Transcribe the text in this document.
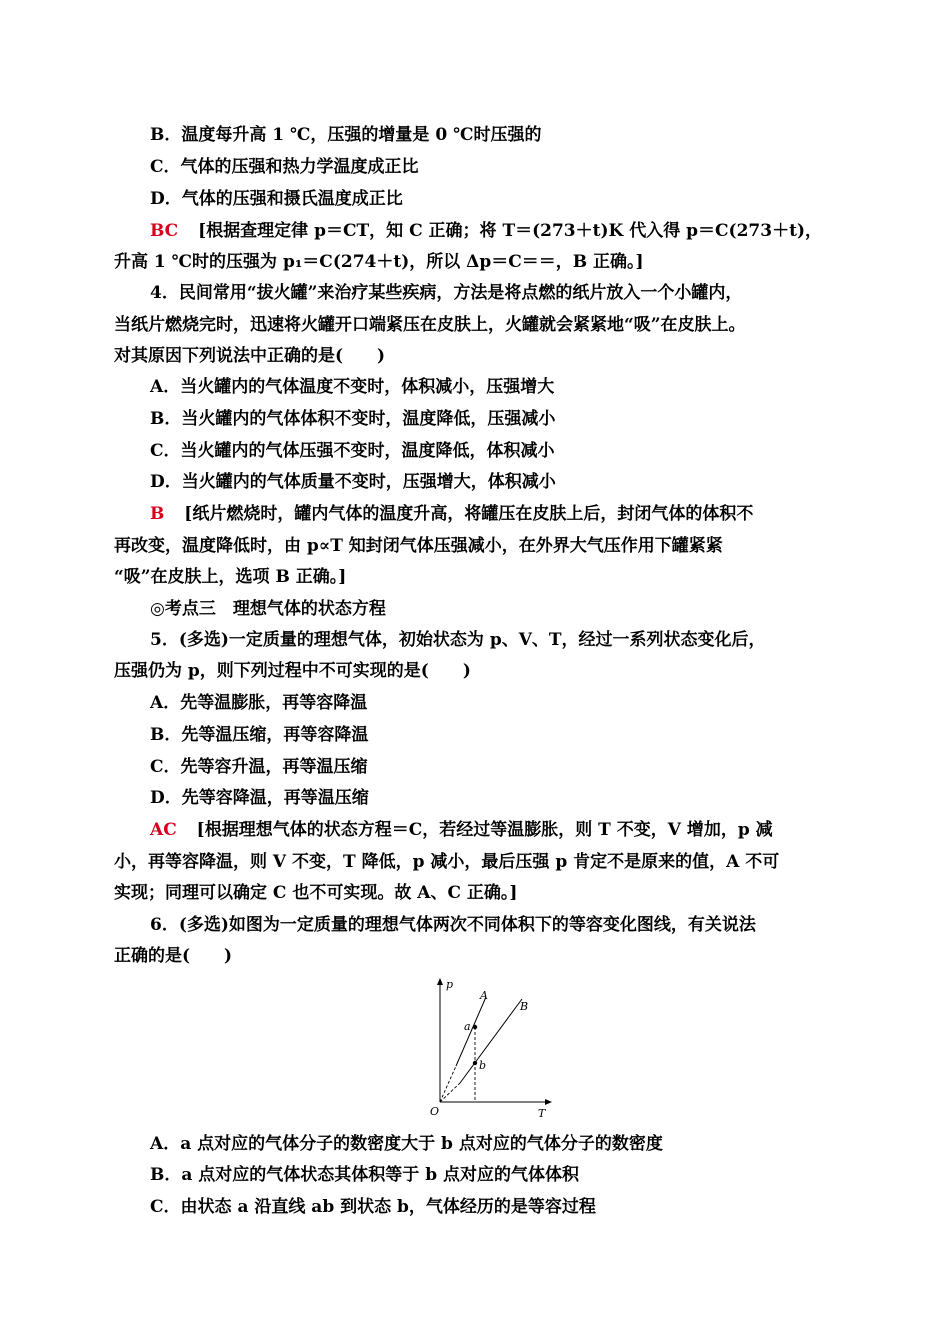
B．温度每升高 1 ℃，压强的增量是 0 ℃时压强的
C．气体的压强和热力学温度成正比
D．气体的压强和摄氏温度成正比
BC [根据查理定律 p＝CT，知 C 正确；将 T＝(273＋t)K 代入得 p＝C(273＋t)，
升高 1 ℃时的压强为 p₁＝C(274＋t)，所以 Δp＝C＝＝，B 正确。]
4．民间常用“拔火罐”来治疗某些疾病，方法是将点燃的纸片放入一个小罐内，
当纸片燃烧完时，迅速将火罐开口端紧压在皮肤上，火罐就会紧紧地“吸”在皮肤上。
对其原因下列说法中正确的是(　　)
A．当火罐内的气体温度不变时，体积减小，压强增大
B．当火罐内的气体体积不变时，温度降低，压强减小
C．当火罐内的气体压强不变时，温度降低，体积减小
D．当火罐内的气体质量不变时，压强增大，体积减小
B [纸片燃烧时，罐内气体的温度升高，将罐压在皮肤上后，封闭气体的体积不
再改变，温度降低时，由 p∝T 知封闭气体压强减小，在外界大气压作用下罐紧紧
“吸”在皮肤上，选项 B 正确。]
◎考点三　理想气体的状态方程
5．(多选)一定质量的理想气体，初始状态为 p、V、T，经过一系列状态变化后，
压强仍为 p，则下列过程中不可实现的是(　　)
A．先等温膨胀，再等容降温
B．先等温压缩，再等容降温
C．先等容升温，再等温压缩
D．先等容降温，再等温压缩
AC [根据理想气体的状态方程＝C，若经过等温膨胀，则 T 不变，V 增加，p 减
小，再等容降温，则 V 不变，T 降低，p 减小，最后压强 p 肯定不是原来的值，A 不可
实现；同理可以确定 C 也不可实现。故 A、C 正确。]
6．(多选)如图为一定质量的理想气体两次不同体积下的等容变化图线，有关说法
正确的是(　　)
p
T
O
A
B
a
b
A．a 点对应的气体分子的数密度大于 b 点对应的气体分子的数密度
B．a 点对应的气体状态其体积等于 b 点对应的气体体积
C．由状态 a 沿直线 ab 到状态 b，气体经历的是等容过程
